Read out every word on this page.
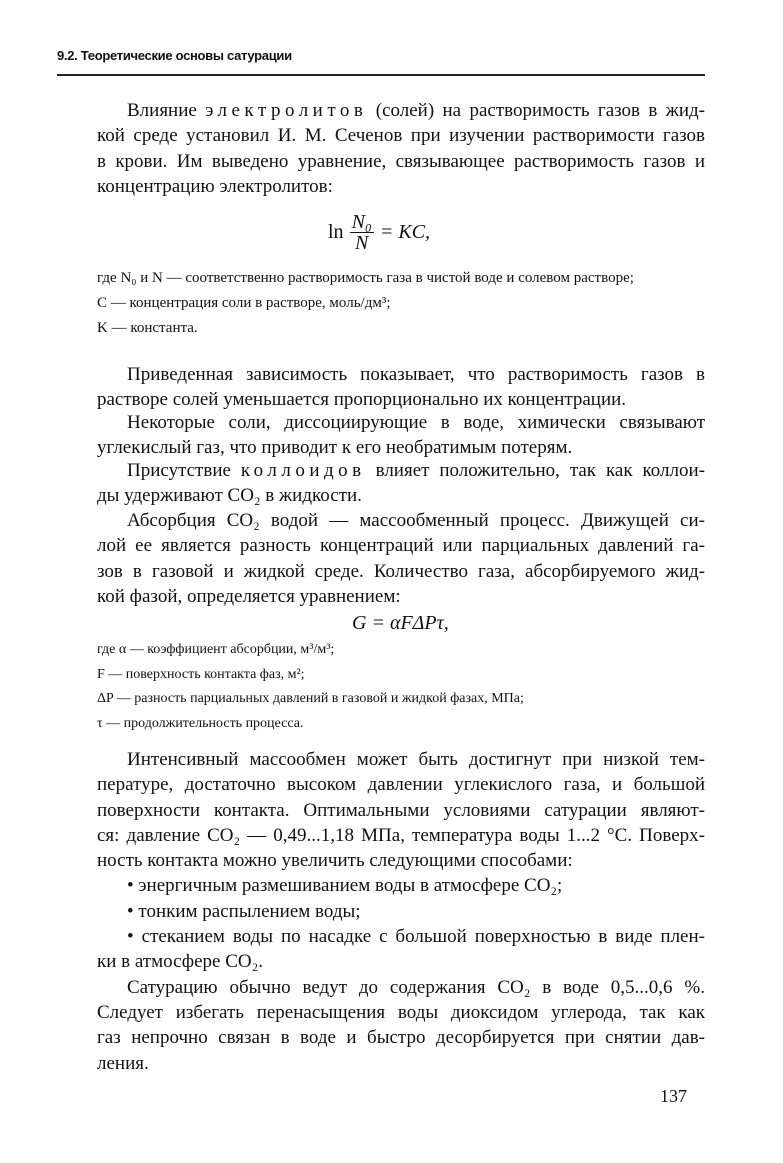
9.2. Теоретические основы сатурации
Влияние электролитов (солей) на растворимость газов в жид-
кой среде установил И. М. Сеченов при изучении растворимости газов
в крови. Им выведено уравнение, связывающее растворимость газов и
концентрацию электролитов:
$\ln \frac{\text{N₀}}{N}$ = KC,
где N₀ и N — соответственно растворимость газа в чистой воде и солевом растворе;
C — концентрация соли в растворе, моль/дм³;
K — константа.
Приведенная зависимость показывает, что растворимость газов в
растворе солей уменьшается пропорционально их концентрации.
Некоторые соли, диссоциирующие в воде, химически связывают
углекислый газ, что приводит к его необратимым потерям.
Присутствие коллоидов влияет положительно, так как коллои-
ды удерживают CO₂ в жидкости.
Абсорбция CO₂ водой — массообменный процесс. Движущей си-
лой ее является разность концентраций или парциальных давлений га-
зов в газовой и жидкой среде. Количество газа, абсорбируемого жид-
кой фазой, определяется уравнением:
G = αFΔPτ,
где α — коэффициент абсорбции, м³/м³;
F — поверхность контакта фаз, м²;
ΔP — разность парциальных давлений в газовой и жидкой фазах, МПа;
τ — продолжительность процесса.
Интенсивный массообмен может быть достигнут при низкой тем-
пературе, достаточно высоком давлении углекислого газа, и большой
поверхности контакта. Оптимальными условиями сатурации являют-
ся: давление CO₂ — 0,49...1,18 МПа, температура воды 1...2 °С. Поверх-
ность контакта можно увеличить следующими способами:
• энергичным размешиванием воды в атмосфере CO₂;
• тонким распылением воды;
• стеканием воды по насадке с большой поверхностью в виде плен-
ки в атмосфере CO₂.
Сатурацию обычно ведут до содержания CO₂ в воде 0,5...0,6 %.
Следует избегать перенасыщения воды диоксидом углерода, так как
газ непрочно связан в воде и быстро десорбируется при снятии дав-
ления.
137
